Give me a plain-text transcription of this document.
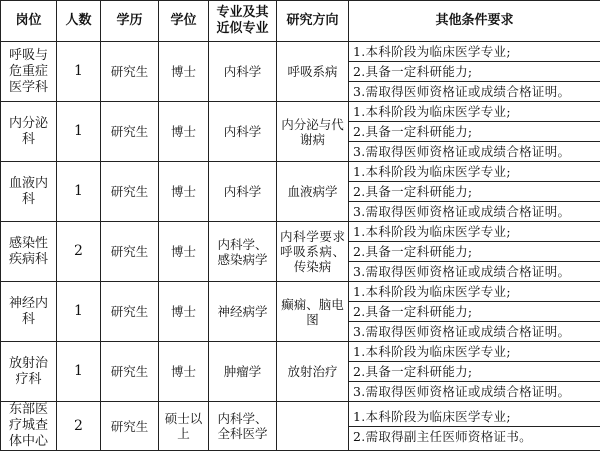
岗位	人数	学历	学位	专业及其近似专业	研究方向	其他条件要求
呼吸与危重症医学科	1	研究生	博士	内科学	呼吸系病	1.本科阶段为临床医学专业;
2.具备一定科研能力;
3.需取得医师资格证或成绩合格证明。

内分泌科	1	研究生	博士	内科学	内分泌与代谢病	1.本科阶段为临床医学专业;
2.具备一定科研能力;
3.需取得医师资格证或成绩合格证明。

血液内科	1	研究生	博士	内科学	血液病学	1.本科阶段为临床医学专业;
2.具备一定科研能力;
3.需取得医师资格证或成绩合格证明。

感染性疾病科	2	研究生	博士	内科学、感染病学	内科学要求呼吸系病、传染病	1.本科阶段为临床医学专业;
2.具备一定科研能力;
3.需取得医师资格证或成绩合格证明。

神经内科	1	研究生	博士	神经病学	癫痫、脑电图	1.本科阶段为临床医学专业;
2.具备一定科研能力;
3.需取得医师资格证或成绩合格证明。

放射治疗科	1	研究生	博士	肿瘤学	放射治疗	1.本科阶段为临床医学专业;
2.具备一定科研能力;
3.需取得医师资格证或成绩合格证明。

东部医疗城查体中心	2	研究生	硕士以上	内科学、全科医学		1.本科阶段为临床医学专业;
2.需取得副主任医师资格证书。
